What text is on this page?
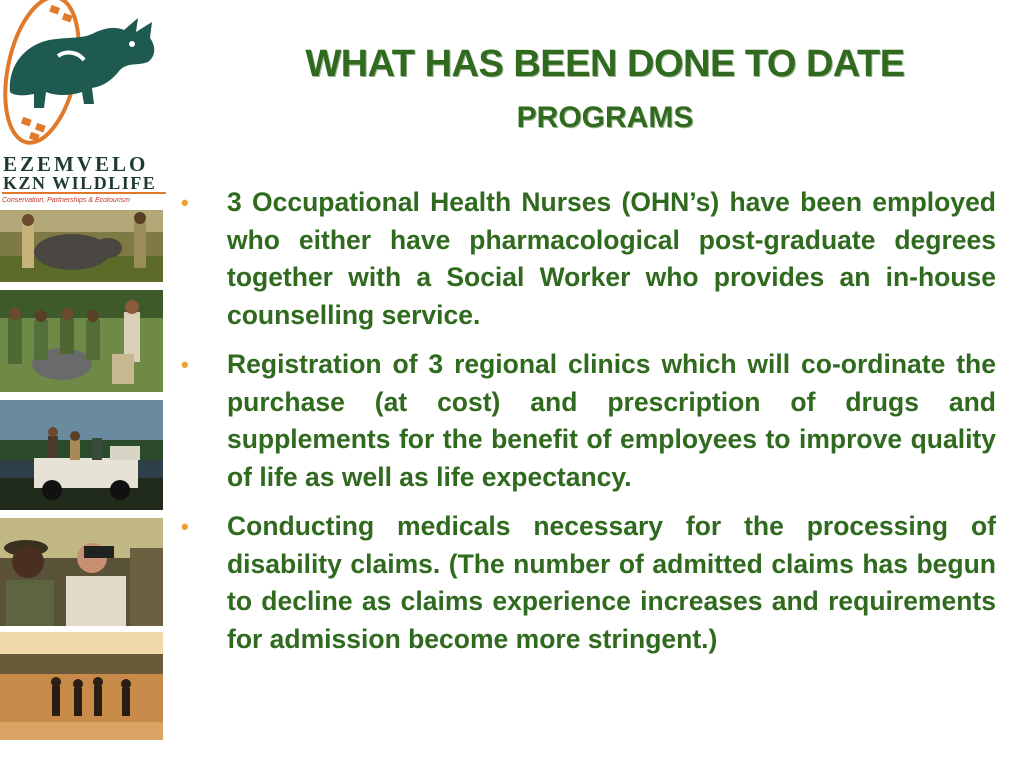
EZEMVELO
KZN WILDLIFE
Conservation, Partnerships & Ecotourism
WHAT HAS BEEN DONE TO DATE
PROGRAMS
• 3 Occupational Health Nurses (OHN’s) have been employed who either have pharmacological post-graduate degrees together with a Social Worker who provides an in-house counselling service.
• Registration of 3 regional clinics which will co-ordinate the purchase (at cost) and prescription of drugs and supplements for the benefit of employees to improve quality of life as well as life expectancy.
• Conducting medicals necessary for the processing of disability claims. (The number of admitted claims has begun to decline as claims experience increases and requirements for admission become more stringent.)
